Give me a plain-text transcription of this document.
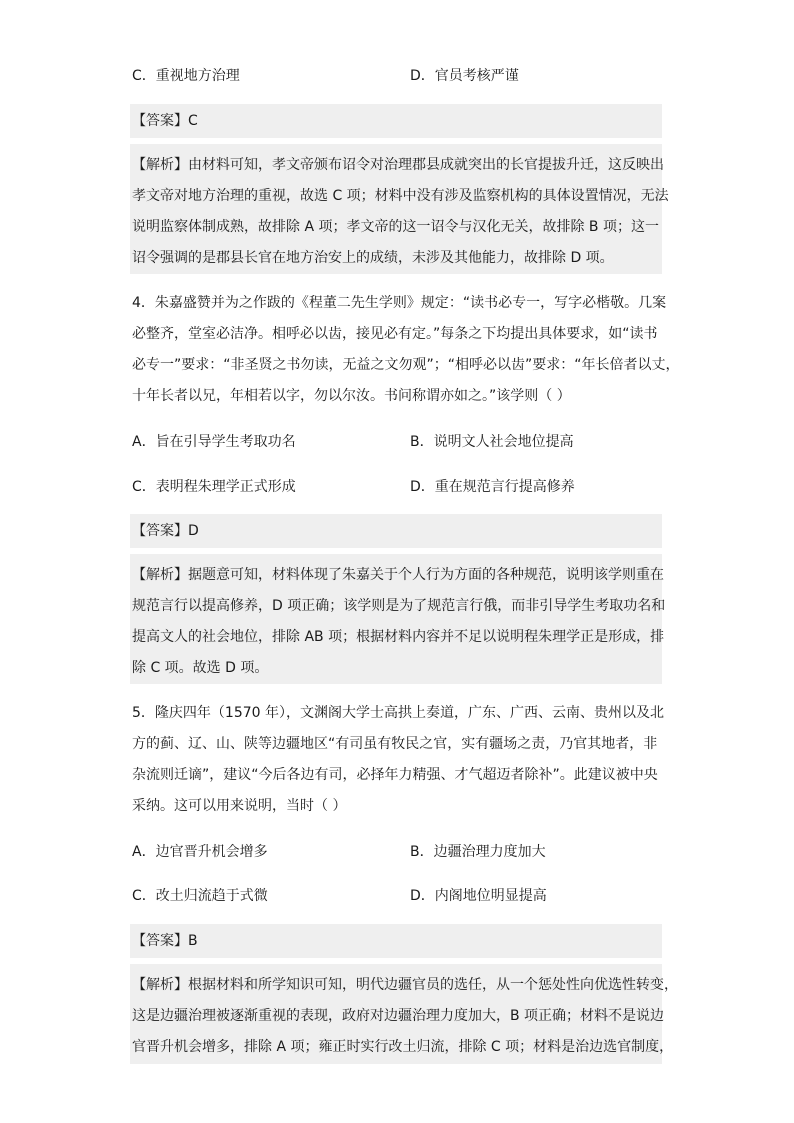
C．重视地方治理	D．官员考核严谨
【答案】C
【解析】由材料可知，孝文帝颁布诏令对治理郡县成就突出的长官提拔升迁，这反映出
孝文帝对地方治理的重视，故选 C 项；材料中没有涉及监察机构的具体设置情况，无法
说明监察体制成熟，故排除 A 项；孝文帝的这一诏令与汉化无关，故排除 B 项；这一
诏令强调的是郡县长官在地方治安上的成绩，未涉及其他能力，故排除 D 项。
4．朱嘉盛赞并为之作跋的《程董二先生学则》规定：“读书必专一，写字必楷敬。几案
必整齐，堂室必洁净。相呼必以齿，接见必有定。”每条之下均提出具体要求，如“读书
必专一”要求：“非圣贤之书勿读，无益之文勿观”；“相呼必以齿”要求：“年长倍者以丈，
十年长者以兄，年相若以字，勿以尔汝。书问称谓亦如之。”该学则（ ）
A．旨在引导学生考取功名	B．说明文人社会地位提高
C．表明程朱理学正式形成	D．重在规范言行提高修养
【答案】D
【解析】据题意可知，材料体现了朱嘉关于个人行为方面的各种规范，说明该学则重在
规范言行以提高修养，D 项正确；该学则是为了规范言行俄，而非引导学生考取功名和
提高文人的社会地位，排除 AB 项；根据材料内容并不足以说明程朱理学正是形成，排
除 C 项。故选 D 项。
5．隆庆四年（1570 年），文渊阁大学士高拱上奏道，广东、广西、云南、贵州以及北
方的蓟、辽、山、陕等边疆地区“有司虽有牧民之官，实有疆场之责，乃官其地者，非
杂流则迁谪”，建议“今后各边有司，必择年力精强、才气超迈者除补”。此建议被中央
采纳。这可以用来说明，当时（ ）
A．边官晋升机会增多	B．边疆治理力度加大
C．改土归流趋于式微	D．内阁地位明显提高
【答案】B
【解析】根据材料和所学知识可知，明代边疆官员的选任，从一个惩处性向优选性转变，
这是边疆治理被逐渐重视的表现，政府对边疆治理力度加大，B 项正确；材料不是说边
官晋升机会增多，排除 A 项；雍正时实行改土归流，排除 C 项；材料是治边选官制度，
